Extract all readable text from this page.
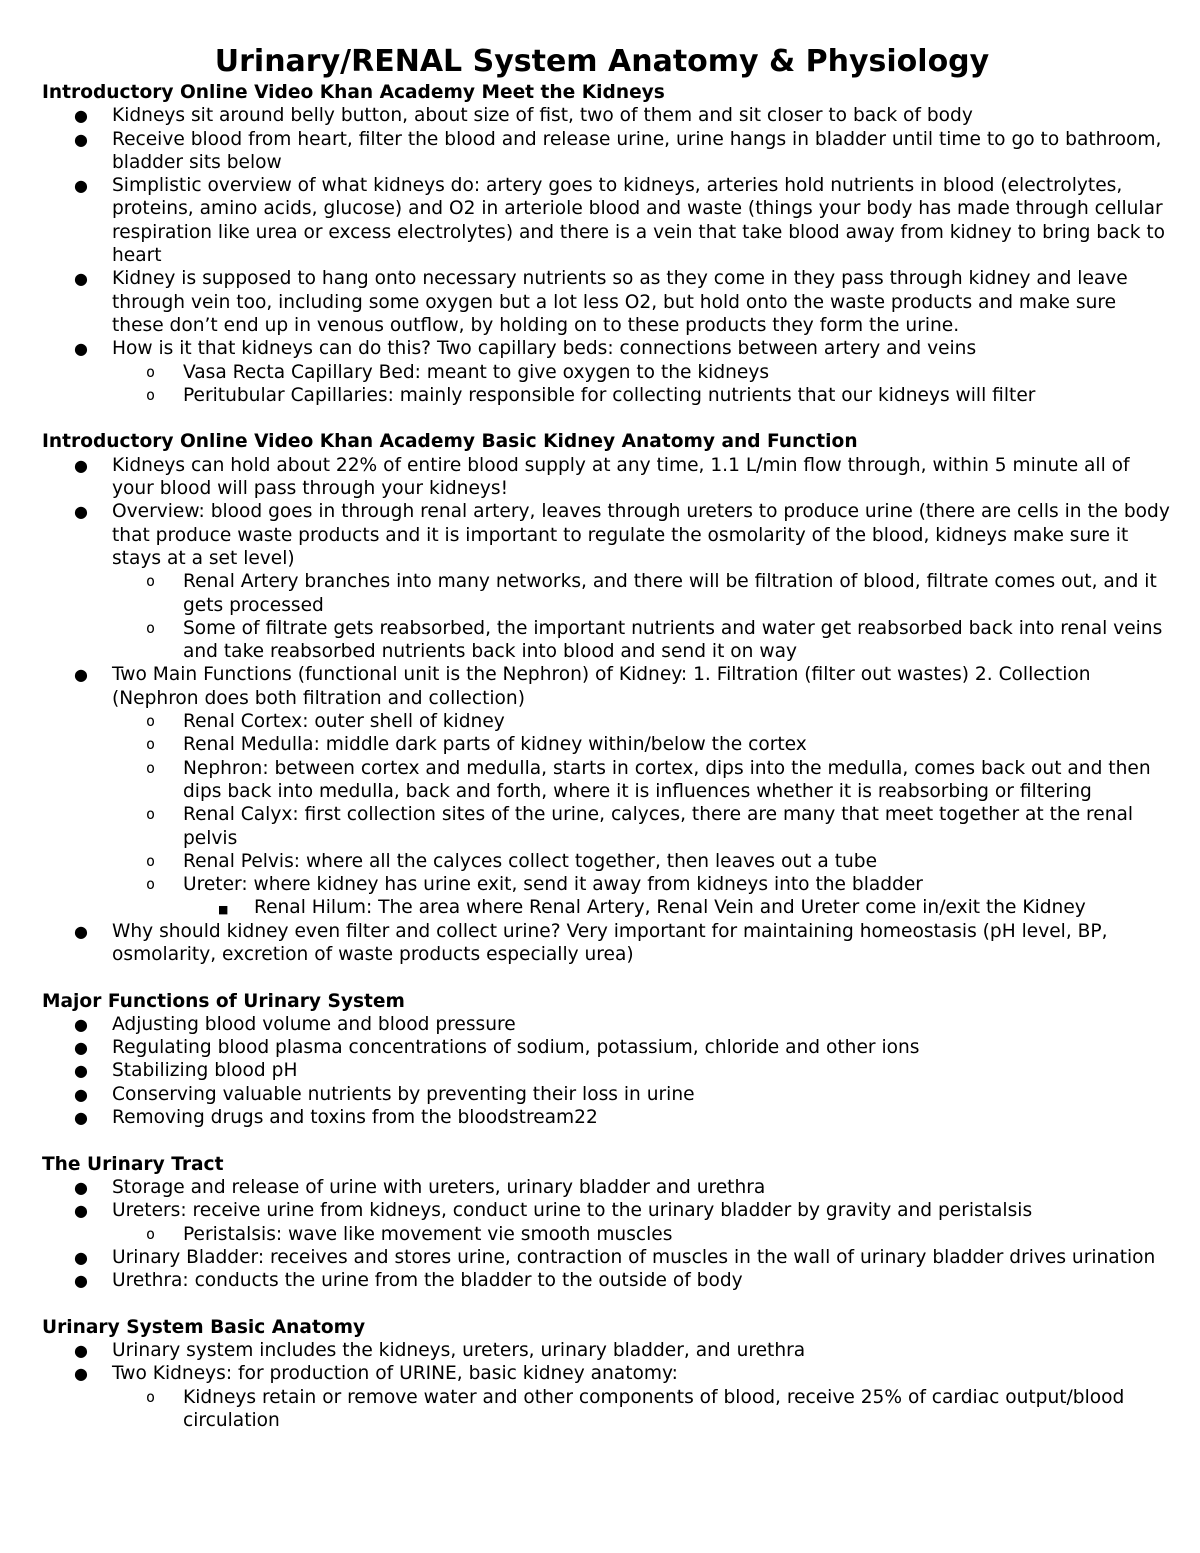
Urinary/RENAL System Anatomy & Physiology
Introductory Online Video Khan Academy Meet the Kidneys
● Kidneys sit around belly button, about size of fist, two of them and sit closer to back of body
● Receive blood from heart, filter the blood and release urine, urine hangs in bladder until time to go to bathroom, bladder sits below
● Simplistic overview of what kidneys do: artery goes to kidneys, arteries hold nutrients in blood (electrolytes, proteins, amino acids, glucose) and O2 in arteriole blood and waste (things your body has made through cellular respiration like urea or excess electrolytes) and there is a vein that take blood away from kidney to bring back to heart
● Kidney is supposed to hang onto necessary nutrients so as they come in they pass through kidney and leave through vein too, including some oxygen but a lot less O2, but hold onto the waste products and make sure these don’t end up in venous outflow, by holding on to these products they form the urine.
● How is it that kidneys can do this? Two capillary beds: connections between artery and veins
o Vasa Recta Capillary Bed: meant to give oxygen to the kidneys
o Peritubular Capillaries: mainly responsible for collecting nutrients that our kidneys will filter
Introductory Online Video Khan Academy Basic Kidney Anatomy and Function
● Kidneys can hold about 22% of entire blood supply at any time, 1.1 L/min flow through, within 5 minute all of your blood will pass through your kidneys!
● Overview: blood goes in through renal artery, leaves through ureters to produce urine (there are cells in the body that produce waste products and it is important to regulate the osmolarity of the blood, kidneys make sure it stays at a set level)
o Renal Artery branches into many networks, and there will be filtration of blood, filtrate comes out, and it gets processed
o Some of filtrate gets reabsorbed, the important nutrients and water get reabsorbed back into renal veins and take reabsorbed nutrients back into blood and send it on way
● Two Main Functions (functional unit is the Nephron) of Kidney: 1. Filtration (filter out wastes) 2. Collection (Nephron does both filtration and collection)
o Renal Cortex: outer shell of kidney
o Renal Medulla: middle dark parts of kidney within/below the cortex
o Nephron: between cortex and medulla, starts in cortex, dips into the medulla, comes back out and then dips back into medulla, back and forth, where it is influences whether it is reabsorbing or filtering
o Renal Calyx: first collection sites of the urine, calyces, there are many that meet together at the renal pelvis
o Renal Pelvis: where all the calyces collect together, then leaves out a tube
o Ureter: where kidney has urine exit, send it away from kidneys into the bladder
■ Renal Hilum: The area where Renal Artery, Renal Vein and Ureter come in/exit the Kidney
● Why should kidney even filter and collect urine? Very important for maintaining homeostasis (pH level, BP, osmolarity, excretion of waste products especially urea)
Major Functions of Urinary System
● Adjusting blood volume and blood pressure
● Regulating blood plasma concentrations of sodium, potassium, chloride and other ions
● Stabilizing blood pH
● Conserving valuable nutrients by preventing their loss in urine
● Removing drugs and toxins from the bloodstream22
The Urinary Tract
● Storage and release of urine with ureters, urinary bladder and urethra
● Ureters: receive urine from kidneys, conduct urine to the urinary bladder by gravity and peristalsis
o Peristalsis: wave like movement vie smooth muscles
● Urinary Bladder: receives and stores urine, contraction of muscles in the wall of urinary bladder drives urination
● Urethra: conducts the urine from the bladder to the outside of body
Urinary System Basic Anatomy
● Urinary system includes the kidneys, ureters, urinary bladder, and urethra
● Two Kidneys: for production of URINE, basic kidney anatomy:
o Kidneys retain or remove water and other components of blood, receive 25% of cardiac output/blood circulation
